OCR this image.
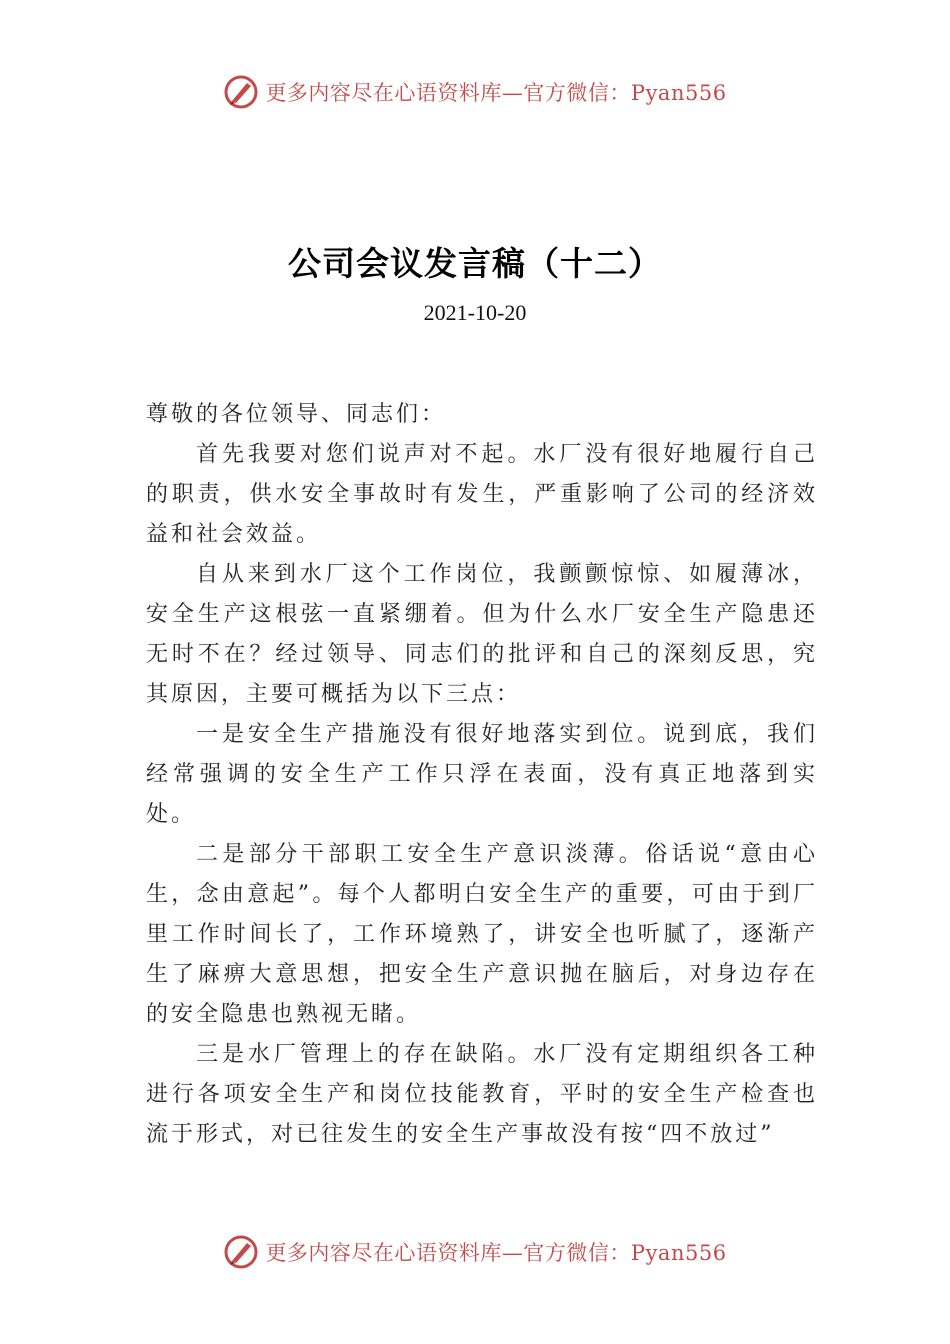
更多内容尽在心语资料库—官方微信：Pyan556
公司会议发言稿（十二）
2021-10-20

尊敬的各位领导、同志们：

首先我要对您们说声对不起。水厂没有很好地履行自己的职责，供水安全事故时有发生，严重影响了公司的经济效益和社会效益。

自从来到水厂这个工作岗位，我颤颤惊惊、如履薄冰，安全生产这根弦一直紧绷着。但为什么水厂安全生产隐患还无时不在？经过领导、同志们的批评和自己的深刻反思，究其原因，主要可概括为以下三点：

一是安全生产措施没有很好地落实到位。说到底，我们经常强调的安全生产工作只浮在表面，没有真正地落到实处。

二是部分干部职工安全生产意识淡薄。俗话说“意由心生，念由意起”。每个人都明白安全生产的重要，可由于到厂里工作时间长了，工作环境熟了，讲安全也听腻了，逐渐产生了麻痹大意思想，把安全生产意识抛在脑后，对身边存在的安全隐患也熟视无睹。

三是水厂管理上的存在缺陷。水厂没有定期组织各工种进行各项安全生产和岗位技能教育，平时的安全生产检查也流于形式，对已往发生的安全生产事故没有按“四不放过”

更多内容尽在心语资料库—官方微信：Pyan556
